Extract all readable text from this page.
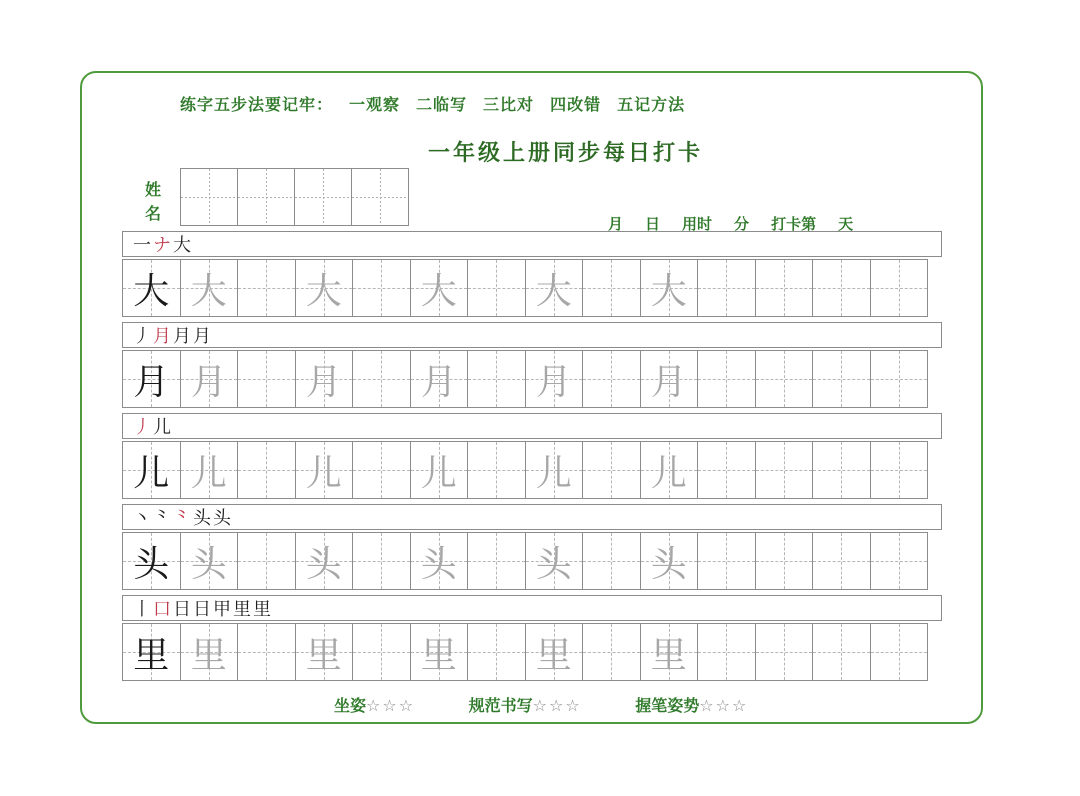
练字五步法要记牢： 一观察 二临写 三比对 四改错 五记方法
一年级上册同步每日打卡
姓
名
月 日 用时 分 打卡第 天
一 ナ 大
大 大 大 大 大 大
丿 月 月 月
月 月 月 月 月 月
丿 儿
儿 儿 儿 儿 儿 儿
丶 ⺀ ⺀ 头 头
头 头 头 头 头 头
丨 口 日 日 甲 里 里
里 里 里 里 里 里
坐姿☆☆☆	规范书写☆☆☆	握笔姿势☆☆☆
